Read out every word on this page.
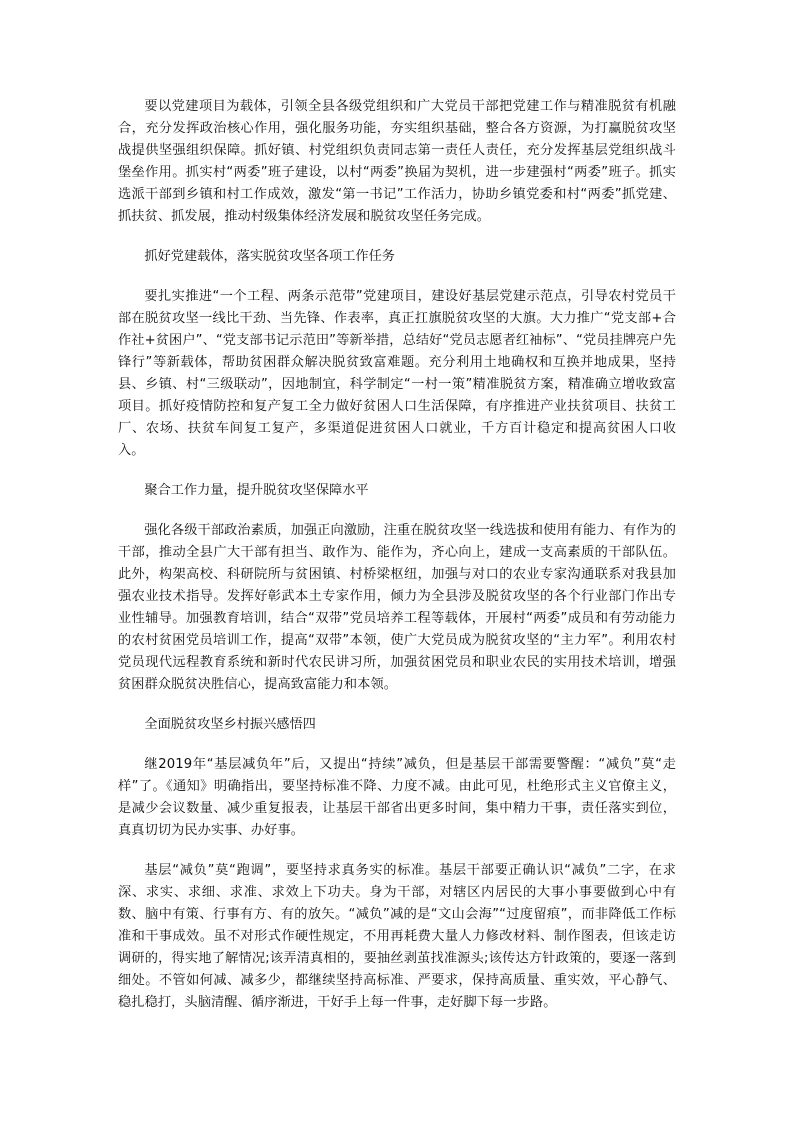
要以党建项目为载体，引领全县各级党组织和广大党员干部把党建工作与精准脱贫有机融合，充分发挥政治核心作用，强化服务功能，夯实组织基础，整合各方资源，为打赢脱贫攻坚战提供坚强组织保障。抓好镇、村党组织负责同志第一责任人责任，充分发挥基层党组织战斗堡垒作用。抓实村“两委”班子建设，以村“两委”换届为契机，进一步建强村“两委”班子。抓实选派干部到乡镇和村工作成效，激发“第一书记”工作活力，协助乡镇党委和村“两委”抓党建、抓扶贫、抓发展，推动村级集体经济发展和脱贫攻坚任务完成。

抓好党建载体，落实脱贫攻坚各项工作任务

要扎实推进“一个工程、两条示范带”党建项目，建设好基层党建示范点，引导农村党员干部在脱贫攻坚一线比干劲、当先锋、作表率，真正扛旗脱贫攻坚的大旗。大力推广“党支部+合作社+贫困户”、“党支部书记示范田”等新举措，总结好“党员志愿者红袖标”、“党员挂牌亮户先锋行”等新载体，帮助贫困群众解决脱贫致富难题。充分利用土地确权和互换并地成果，坚持县、乡镇、村“三级联动”，因地制宜，科学制定“一村一策”精准脱贫方案，精准确立增收致富项目。抓好疫情防控和复产复工全力做好贫困人口生活保障，有序推进产业扶贫项目、扶贫工厂、农场、扶贫车间复工复产，多渠道促进贫困人口就业，千方百计稳定和提高贫困人口收入。

聚合工作力量，提升脱贫攻坚保障水平

强化各级干部政治素质，加强正向激励，注重在脱贫攻坚一线选拔和使用有能力、有作为的干部，推动全县广大干部有担当、敢作为、能作为，齐心向上，建成一支高素质的干部队伍。此外，构架高校、科研院所与贫困镇、村桥梁枢纽，加强与对口的农业专家沟通联系对我县加强农业技术指导。发挥好彰武本土专家作用，倾力为全县涉及脱贫攻坚的各个行业部门作出专业性辅导。加强教育培训，结合“双带”党员培养工程等载体，开展村“两委”成员和有劳动能力的农村贫困党员培训工作，提高“双带”本领，使广大党员成为脱贫攻坚的“主力军”。利用农村党员现代远程教育系统和新时代农民讲习所，加强贫困党员和职业农民的实用技术培训，增强贫困群众脱贫决胜信心，提高致富能力和本领。

全面脱贫攻坚乡村振兴感悟四

继2019年“基层减负年”后，又提出“持续”减负，但是基层干部需要警醒：“减负”莫“走样”了。《通知》明确指出，要坚持标准不降、力度不减。由此可见，杜绝形式主义官僚主义，是减少会议数量、减少重复报表，让基层干部省出更多时间，集中精力干事，责任落实到位，真真切切为民办实事、办好事。

基层“减负”莫“跑调”，要坚持求真务实的标准。基层干部要正确认识“减负”二字，在求深、求实、求细、求准、求效上下功夫。身为干部，对辖区内居民的大事小事要做到心中有数、脑中有策、行事有方、有的放矢。“减负”减的是“文山会海”“过度留痕”，而非降低工作标准和干事成效。虽不对形式作硬性规定，不用再耗费大量人力修改材料、制作图表，但该走访调研的，得实地了解情况;该弄清真相的，要抽丝剥茧找准源头;该传达方针政策的，要逐一落到细处。不管如何减、减多少，都继续坚持高标准、严要求，保持高质量、重实效，平心静气、稳扎稳打，头脑清醒、循序渐进，干好手上每一件事，走好脚下每一步路。
